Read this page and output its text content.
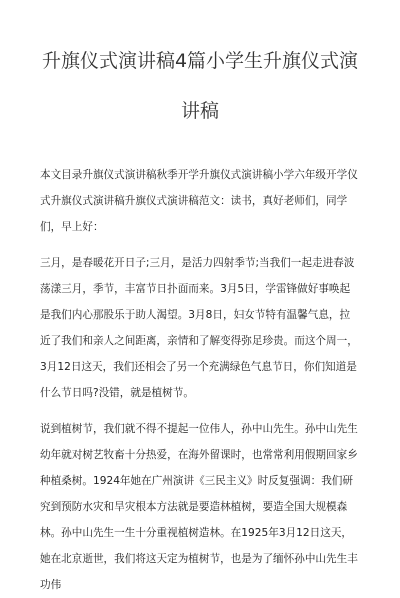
升旗仪式演讲稿4篇小学生升旗仪式演
讲稿

本文目录升旗仪式演讲稿秋季开学升旗仪式演讲稿小学六年级开学仪式升旗仪式演讲稿升旗仪式演讲稿范文：读书，真好老师们，同学们，早上好：

三月，是春暖花开日子;三月，是活力四射季节;当我们一起走进春波荡漾三月，季节，丰富节日扑面而来。3月5日，学雷锋做好事唤起是我们内心那股乐于助人渴望。3月8日，妇女节特有温馨气息，拉近了我们和亲人之间距离，亲情和了解变得弥足珍贵。而这个周一，3月12日这天，我们还相会了另一个充满绿色气息节日，你们知道是什么节日吗?没错，就是植树节。

说到植树节，我们就不得不提起一位伟人，孙中山先生。孙中山先生幼年就对树艺牧畜十分热爱，在海外留课时，也常常利用假期回家乡种植桑树。1924年她在广州演讲《三民主义》时反复强调：我们研究到预防水灾和旱灾根本方法就是要造林植树，要造全国大规模森林。孙中山先生一生十分重视植树造林。在1925年3月12日这天，她在北京逝世，我们将这天定为植树节，也是为了缅怀孙中山先生丰功伟
